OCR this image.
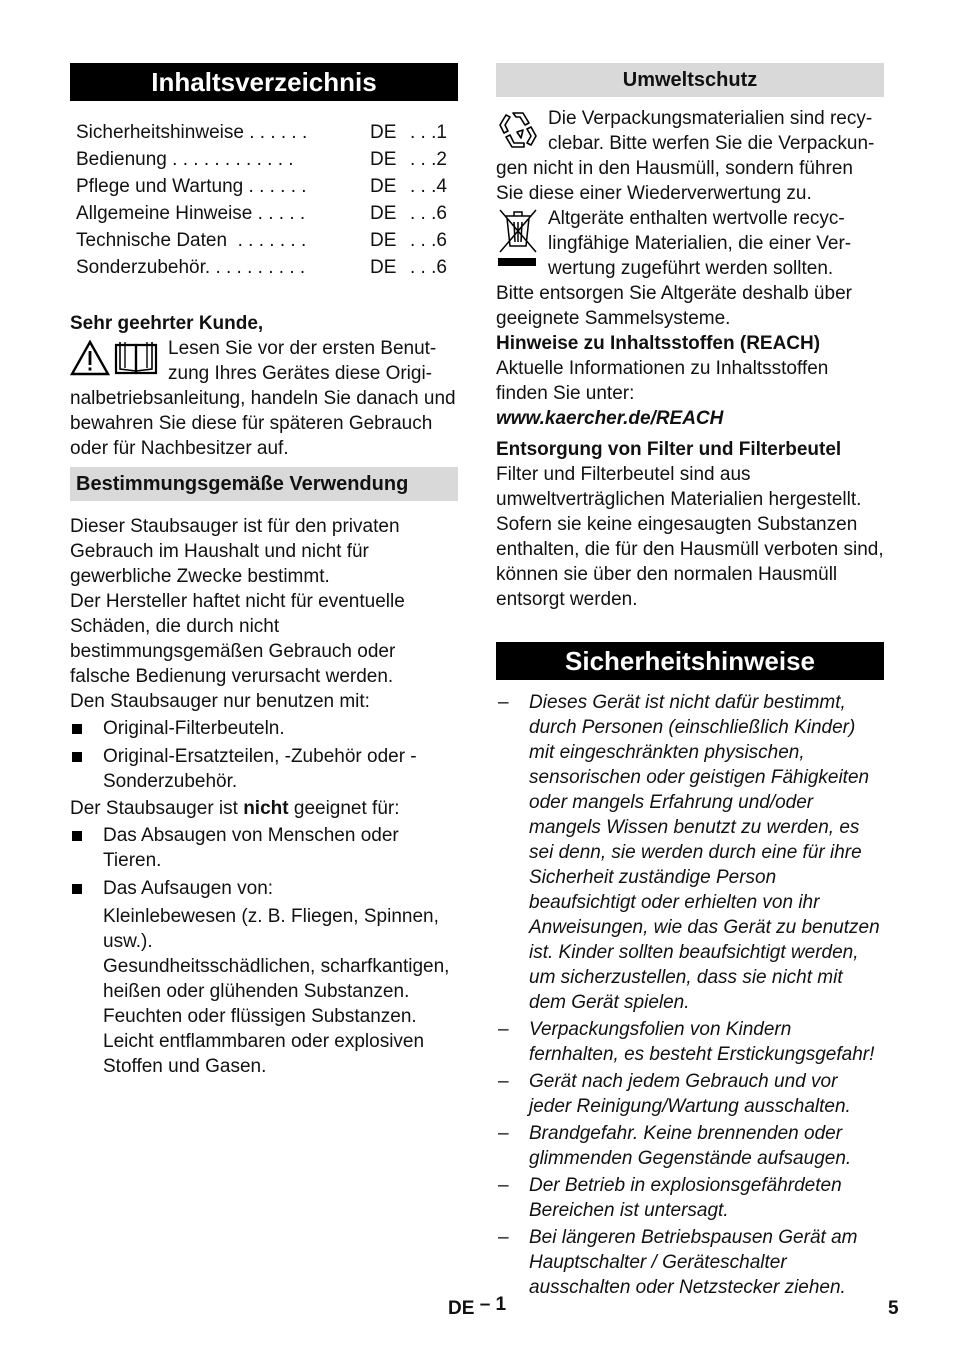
Inhaltsverzeichnis
Sicherheitshinweise . . . . . .	DE	. . .1
Bedienung . . . . . . . . . . . .	DE	. . .2
Pflege und Wartung . . . . . .	DE	. . .4
Allgemeine Hinweise . . . . .	DE	. . .6
Technische Daten  . . . . . . .	DE	. . .6
Sonderzubehör. . . . . . . . . .	DE	. . .6

Sehr geehrter Kunde,

Lesen Sie vor der ersten Benut-

zung Ihres Gerätes diese Origi-

nalbetriebsanleitung, handeln Sie danach und bewahren Sie diese für späteren Gebrauch oder für Nachbesitzer auf.

Bestimmungsgemäße Verwendung

Dieser Staubsauger ist für den privaten Gebrauch im Haushalt und nicht für gewerbliche Zwecke bestimmt.

Der Hersteller haftet nicht für eventuelle Schäden, die durch nicht bestimmungsgemäßen Gebrauch oder falsche Bedienung verursacht werden.

Den Staubsauger nur benutzen mit:

Original-Filterbeuteln.
Original-Ersatzteilen, -Zubehör oder -Sonderzubehör.

Der Staubsauger ist nicht geeignet für:

Das Absaugen von Menschen oder Tieren.
Das Aufsaugen von:
Kleinlebewesen (z. B. Fliegen, Spinnen, usw.).
Gesundheitsschädlichen, scharfkantigen, heißen oder glühenden Substanzen.
Feuchten oder flüssigen Substanzen.
Leicht entflammbaren oder explosiven Stoffen und Gasen.
Umweltschutz

Die Verpackungsmaterialien sind recy-

clebar. Bitte werfen Sie die Verpackun-

gen nicht in den Hausmüll, sondern führen Sie diese einer Wiederverwertung zu.

Altgeräte enthalten wertvolle recyc-

lingfähige Materialien, die einer Ver-

wertung zugeführt werden sollten.

Bitte entsorgen Sie Altgeräte deshalb über geeignete Sammelsysteme.

Hinweise zu Inhaltsstoffen (REACH)

Aktuelle Informationen zu Inhaltsstoffen finden Sie unter:

www.kaercher.de/REACH

Entsorgung von Filter und Filterbeutel

Filter und Filterbeutel sind aus umweltverträglichen Materialien hergestellt.

Sofern sie keine eingesaugten Substanzen enthalten, die für den Hausmüll verboten sind, können sie über den normalen Hausmüll entsorgt werden.

Sicherheitshinweise
– Dieses Gerät ist nicht dafür bestimmt, durch Personen (einschließlich Kinder) mit eingeschränkten physischen, sensorischen oder geistigen Fähigkeiten oder mangels Erfahrung und/oder mangels Wissen benutzt zu werden, es sei denn, sie werden durch eine für ihre Sicherheit zuständige Person beaufsichtigt oder erhielten von ihr Anweisungen, wie das Gerät zu benutzen ist. Kinder sollten beaufsichtigt werden, um sicherzustellen, dass sie nicht mit dem Gerät spielen.
– Verpackungsfolien von Kindern fernhalten, es besteht Erstickungsgefahr!
– Gerät nach jedem Gebrauch und vor jeder Reinigung/Wartung ausschalten.
– Brandgefahr. Keine brennenden oder glimmenden Gegenstände aufsaugen.
– Der Betrieb in explosionsgefährdeten Bereichen ist untersagt.
– Bei längeren Betriebspausen Gerät am Hauptschalter / Geräteschalter ausschalten oder Netzstecker ziehen.
DE – 1	5
